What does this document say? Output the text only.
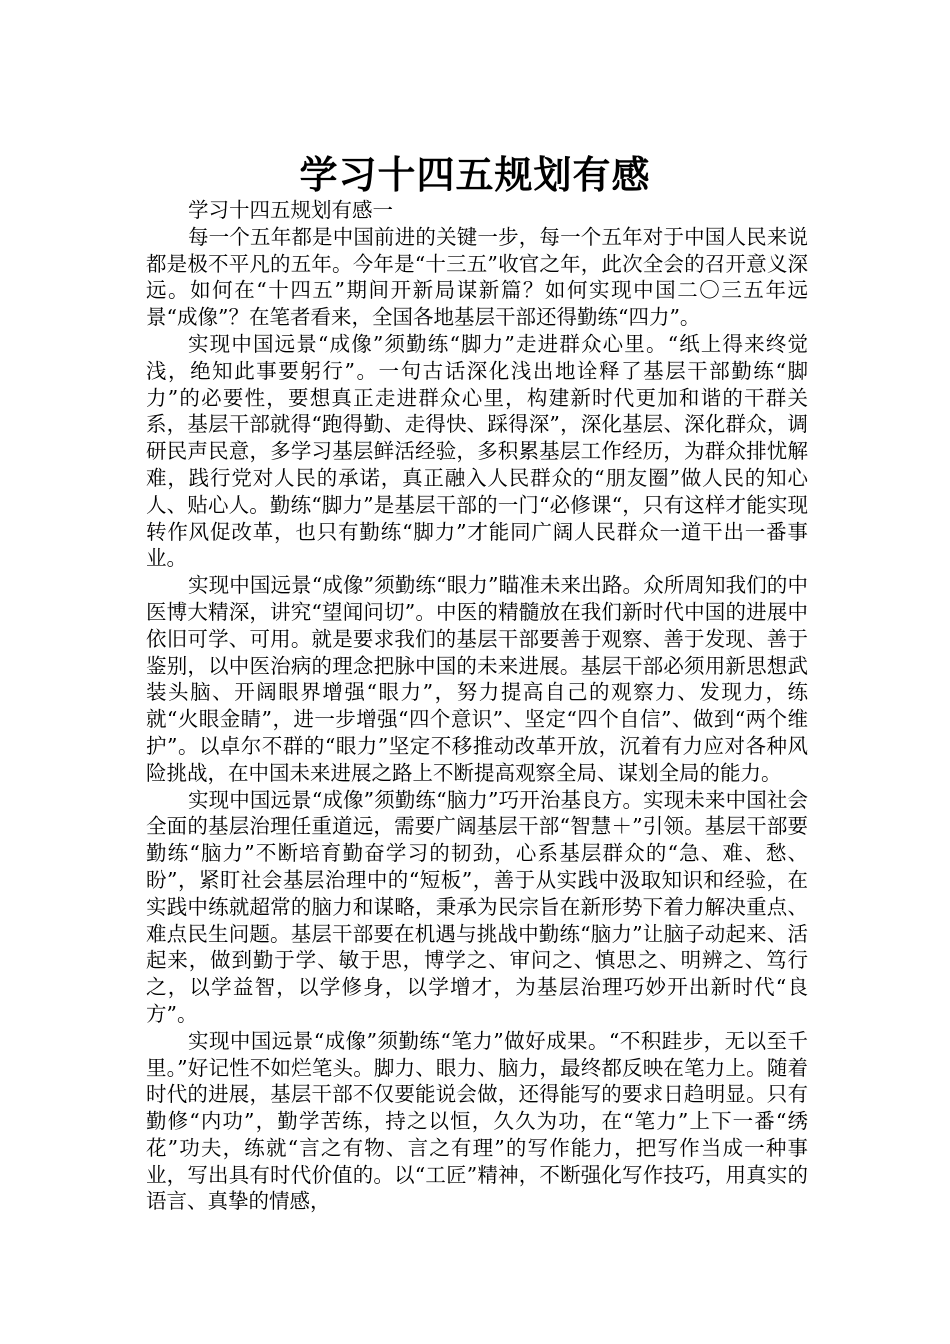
学习十四五规划有感

学习十四五规划有感一

每一个五年都是中国前进的关键一步，每一个五年对于中国人民来说都是极不平凡的五年。今年是“十三五”收官之年，此次全会的召开意义深远。如何在“十四五”期间开新局谋新篇？如何实现中国二〇三五年远景“成像”？在笔者看来，全国各地基层干部还得勤练“四力”。

实现中国远景“成像”须勤练“脚力”走进群众心里。“纸上得来终觉浅，绝知此事要躬行”。一句古话深化浅出地诠释了基层干部勤练“脚力”的必要性，要想真正走进群众心里，构建新时代更加和谐的干群关系，基层干部就得“跑得勤、走得快、踩得深”，深化基层、深化群众，调研民声民意，多学习基层鲜活经验，多积累基层工作经历，为群众排忧解难，践行党对人民的承诺，真正融入人民群众的“朋友圈”做人民的知心人、贴心人。勤练“脚力”是基层干部的一门“必修课“，只有这样才能实现转作风促改革，也只有勤练“脚力”才能同广阔人民群众一道干出一番事业。

实现中国远景“成像”须勤练“眼力”瞄准未来出路。众所周知我们的中医博大精深，讲究“望闻问切”。中医的精髓放在我们新时代中国的进展中依旧可学、可用。就是要求我们的基层干部要善于观察、善于发现、善于鉴别，以中医治病的理念把脉中国的未来进展。基层干部必须用新思想武装头脑、开阔眼界增强“眼力”，努力提高自己的观察力、发现力，练就“火眼金睛”，进一步增强“四个意识”、坚定“四个自信”、做到“两个维护”。以卓尔不群的“眼力”坚定不移推动改革开放，沉着有力应对各种风险挑战，在中国未来进展之路上不断提高观察全局、谋划全局的能力。

实现中国远景“成像”须勤练“脑力”巧开治基良方。实现未来中国社会全面的基层治理任重道远，需要广阔基层干部“智慧＋”引领。基层干部要勤练“脑力”不断培育勤奋学习的韧劲，心系基层群众的“急、难、愁、盼”，紧盯社会基层治理中的“短板”，善于从实践中汲取知识和经验，在实践中练就超常的脑力和谋略，秉承为民宗旨在新形势下着力解决重点、难点民生问题。基层干部要在机遇与挑战中勤练“脑力”让脑子动起来、活起来，做到勤于学、敏于思，博学之、审问之、慎思之、明辨之、笃行之，以学益智，以学修身，以学增才，为基层治理巧妙开出新时代“良方”。

实现中国远景“成像”须勤练“笔力”做好成果。“不积跬步，无以至千里。”好记性不如烂笔头。脚力、眼力、脑力，最终都反映在笔力上。随着时代的进展，基层干部不仅要能说会做，还得能写的要求日趋明显。只有勤修“内功”，勤学苦练，持之以恒，久久为功，在“笔力”上下一番“绣花”功夫，练就“言之有物、言之有理”的写作能力，把写作当成一种事业，写出具有时代价值的。以“工匠”精神，不断强化写作技巧，用真实的语言、真挚的情感，
